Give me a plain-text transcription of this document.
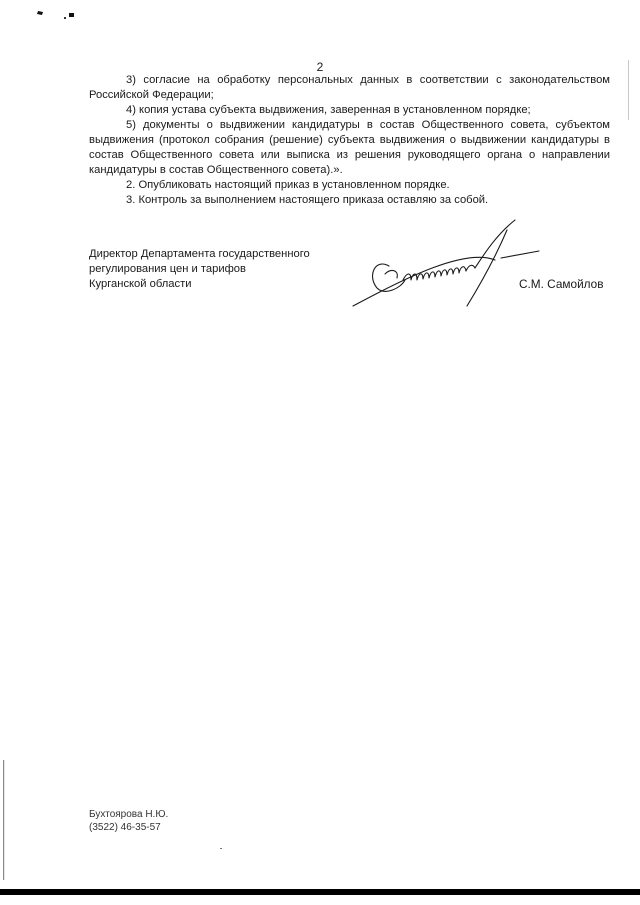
2

3) согласие на обработку персональных данных в соответствии с законодательством Российской Федерации;

4) копия устава субъекта выдвижения, заверенная в установленном порядке;

5) документы о выдвижении кандидатуры в состав Общественного совета, субъектом выдвижения (протокол собрания (решение) субъекта выдвижения о выдвижении кандидатуры в состав Общественного совета или выписка из решения руководящего органа о направлении кандидатуры в состав Общественного совета).».

2. Опубликовать настоящий приказ в установленном порядке.

3. Контроль за выполнением настоящего приказа оставляю за собой.

Директор Департамента государственного
регулирования цен и тарифов
Курганской области	С.М. Самойлов
Бухтоярова Н.Ю.
(3522) 46-35-57
